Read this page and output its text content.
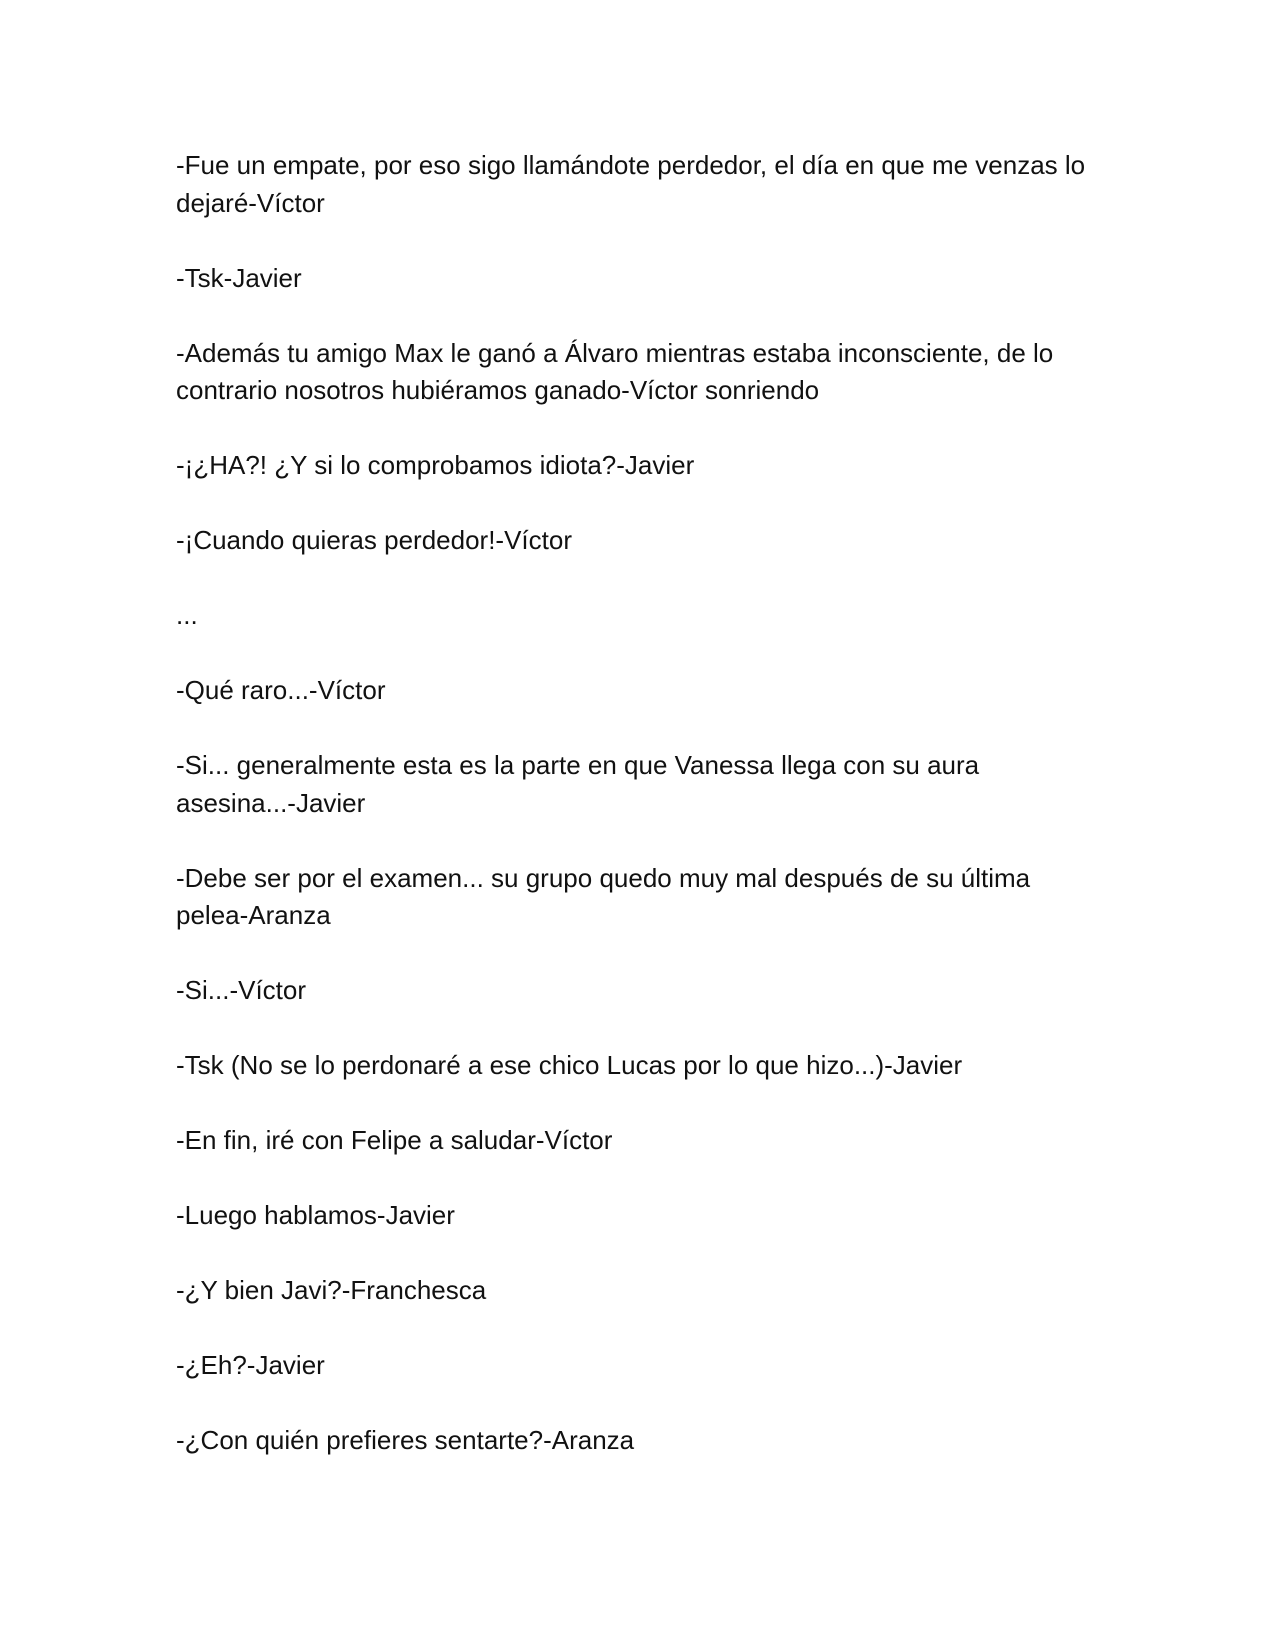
-Fue un empate, por eso sigo llamándote perdedor, el día en que me venzas lo dejaré-Víctor

-Tsk-Javier

-Además tu amigo Max le ganó a Álvaro mientras estaba inconsciente, de lo contrario nosotros hubiéramos ganado-Víctor sonriendo

-¡¿HA?! ¿Y si lo comprobamos idiota?-Javier

-¡Cuando quieras perdedor!-Víctor

...

-Qué raro...-Víctor

-Si... generalmente esta es la parte en que Vanessa llega con su aura asesina...-Javier

-Debe ser por el examen... su grupo quedo muy mal después de su última pelea-Aranza

-Si...-Víctor

-Tsk (No se lo perdonaré a ese chico Lucas por lo que hizo...)-Javier

-En fin, iré con Felipe a saludar-Víctor

-Luego hablamos-Javier

-¿Y bien Javi?-Franchesca

-¿Eh?-Javier

-¿Con quién prefieres sentarte?-Aranza
